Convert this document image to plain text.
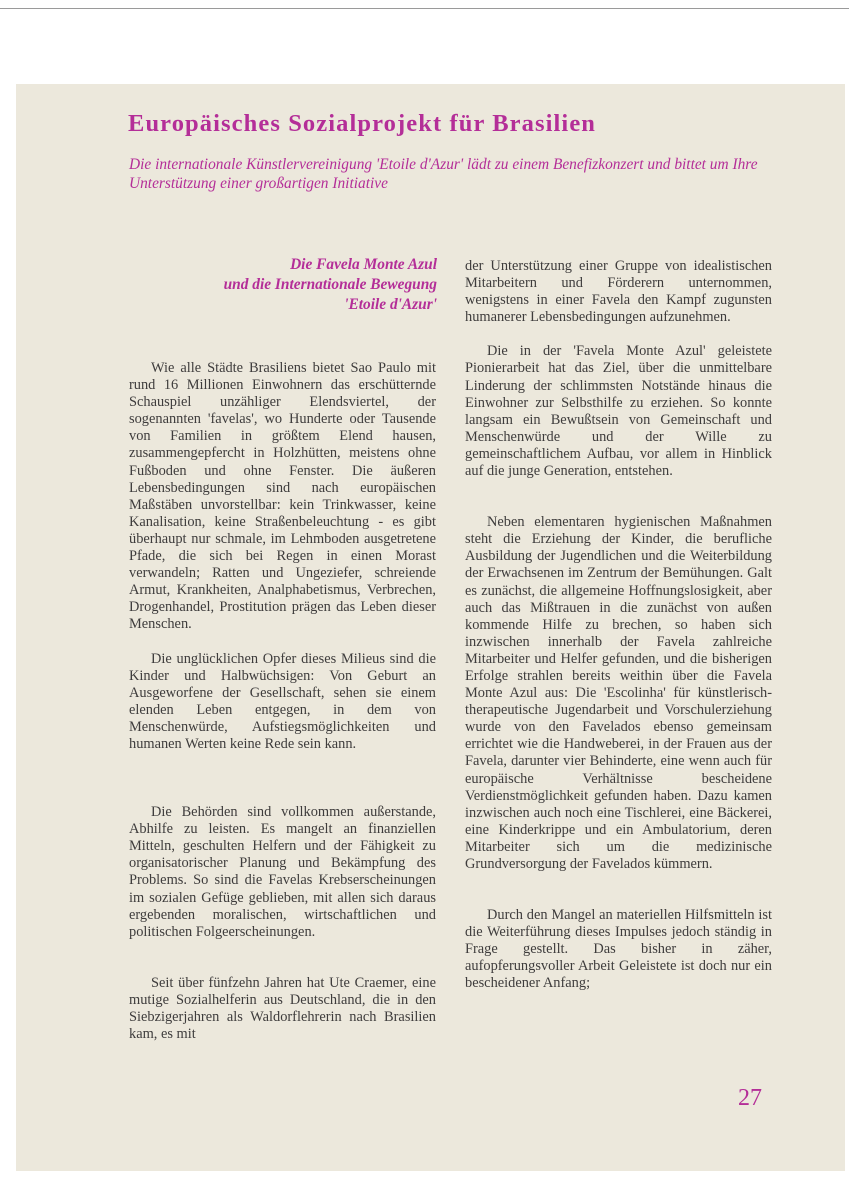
Europäisches Sozialprojekt für Brasilien
Die internationale Künstlervereinigung 'Etoile d'Azur' lädt zu einem Benefizkonzert und bittet um Ihre Unterstützung einer großartigen Initiative
Die Favela Monte Azul
und die Internationale Bewegung
'Etoile d'Azur'

Wie alle Städte Brasiliens bietet Sao Paulo mit rund 16 Millionen Einwohnern das erschütternde Schauspiel unzähliger Elendsviertel, der sogenannten 'favelas', wo Hunderte oder Tausende von Familien in größtem Elend hausen, zusammengepfercht in Holzhütten, meistens ohne Fußboden und ohne Fenster. Die äußeren Lebensbedingungen sind nach europäischen Maßstäben unvorstellbar: kein Trinkwasser, keine Kanalisation, keine Straßenbeleuchtung - es gibt überhaupt nur schmale, im Lehmboden ausgetretene Pfade, die sich bei Regen in einen Morast verwandeln; Ratten und Ungeziefer, schreiende Armut, Krankheiten, Analphabetismus, Verbrechen, Drogenhandel, Prostitution prägen das Leben dieser Menschen.

Die unglücklichen Opfer dieses Milieus sind die Kinder und Halbwüchsigen: Von Geburt an Ausgeworfene der Gesellschaft, sehen sie einem elenden Leben entgegen, in dem von Menschenwürde, Aufstiegsmöglichkeiten und humanen Werten keine Rede sein kann.

Die Behörden sind vollkommen außerstande, Abhilfe zu leisten. Es mangelt an finanziellen Mitteln, geschulten Helfern und der Fähigkeit zu organisatorischer Planung und Bekämpfung des Problems. So sind die Favelas Krebserscheinungen im sozialen Gefüge geblieben, mit allen sich daraus ergebenden moralischen, wirtschaftlichen und politischen Folgeerscheinungen.

Seit über fünfzehn Jahren hat Ute Craemer, eine mutige Sozialhelferin aus Deutschland, die in den Siebzigerjahren als Waldorflehrerin nach Brasilien kam, es mit

der Unterstützung einer Gruppe von idealistischen Mitarbeitern und Förderern unternommen, wenigstens in einer Favela den Kampf zugunsten humanerer Lebensbedingungen aufzunehmen.

Die in der 'Favela Monte Azul' geleistete Pionierarbeit hat das Ziel, über die unmittelbare Linderung der schlimmsten Notstände hinaus die Einwohner zur Selbsthilfe zu erziehen. So konnte langsam ein Bewußtsein von Gemeinschaft und Menschenwürde und der Wille zu gemeinschaftlichem Aufbau, vor allem in Hinblick auf die junge Generation, entstehen.

Neben elementaren hygienischen Maßnahmen steht die Erziehung der Kinder, die berufliche Ausbildung der Jugendlichen und die Weiterbildung der Erwachsenen im Zentrum der Bemühungen. Galt es zunächst, die allgemeine Hoffnungslosigkeit, aber auch das Mißtrauen in die zunächst von außen kommende Hilfe zu brechen, so haben sich inzwischen innerhalb der Favela zahlreiche Mitarbeiter und Helfer gefunden, und die bisherigen Erfolge strahlen bereits weithin über die Favela Monte Azul aus: Die 'Escolinha' für künstlerisch-therapeutische Jugendarbeit und Vorschulerziehung wurde von den Favelados ebenso gemeinsam errichtet wie die Handweberei, in der Frauen aus der Favela, darunter vier Behinderte, eine wenn auch für europäische Verhältnisse bescheidene Verdienstmöglichkeit gefunden haben. Dazu kamen inzwischen auch noch eine Tischlerei, eine Bäckerei, eine Kinderkrippe und ein Ambulatorium, deren Mitarbeiter sich um die medizinische Grundversorgung der Favelados kümmern.

Durch den Mangel an materiellen Hilfsmitteln ist die Weiterführung dieses Impulses jedoch ständig in Frage gestellt. Das bisher in zäher, aufopferungsvoller Arbeit Geleistete ist doch nur ein bescheidener Anfang;

27
